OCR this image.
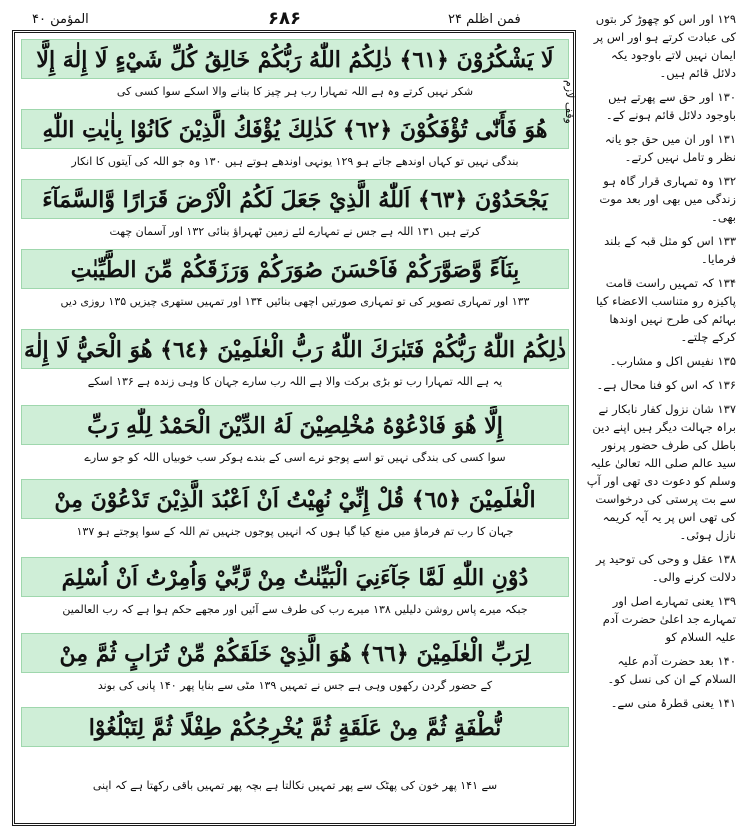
المؤمن ۴۰	۶۸۶	فمن اظلم ۲۴
لَا يَشْكُرُوْنَ ﴿٦١﴾ ذٰلِكُمُ اللّٰهُ رَبُّكُمْ خَالِقُ كُلِّ شَيْءٍ لَا إِلٰهَ إِلَّا
شکر نہیں کرتے وہ ہے اللہ تمہارا رب ہر چیز کا بنانے والا اسکے سوا کسی کی
هُوَ فَأَنّٰى تُؤْفَكُوْنَ ﴿٦٢﴾ كَذٰلِكَ يُؤْفَكُ الَّذِيْنَ كَانُوْا بِاٰيٰتِ اللّٰهِ
بندگی نہیں تو کہاں اوندھے جاتے ہو ۱۲۹ یونہی اوندھے ہوتے ہیں ۱۳۰ وہ جو اللہ کی آیتوں کا انکار
يَجْحَدُوْنَ ﴿٦٣﴾ اَللّٰهُ الَّذِيْ جَعَلَ لَكُمُ الْاَرْضَ قَرَارًا وَّالسَّمَآءَ
کرتے ہیں ۱۳۱ اللہ ہے جس نے تمہارے لئے زمین ٹھہراؤ بنائی ۱۳۲ اور آسمان چھت
بِنَآءً وَّصَوَّرَكُمْ فَاَحْسَنَ صُوَرَكُمْ وَرَزَقَكُمْ مِّنَ الطَّيِّبٰتِ
۱۳۳ اور تمہاری تصویر کی تو تمہاری صورتیں اچھی بنائیں ۱۳۴ اور تمہیں ستھری چیزیں ۱۳۵ روزی دیں
ذٰلِكُمُ اللّٰهُ رَبُّكُمْ فَتَبٰرَكَ اللّٰهُ رَبُّ الْعٰلَمِيْنَ ﴿٦٤﴾ هُوَ الْحَيُّ لَا إِلٰهَ
یہ ہے اللہ تمہارا رب تو بڑی برکت والا ہے اللہ رب سارے جہان کا وہی زندہ ہے ۱۳۶ اسکے
إِلَّا هُوَ فَادْعُوْهُ مُخْلِصِيْنَ لَهُ الدِّيْنَ الْحَمْدُ لِلّٰهِ رَبِّ
سوا کسی کی بندگی نہیں تو اسے پوجو نرے اسی کے بندے ہوکر سب خوبیاں اللہ کو جو سارے
الْعٰلَمِيْنَ ﴿٦٥﴾ قُلْ إِنِّيْ نُهِيْتُ اَنْ اَعْبُدَ الَّذِيْنَ تَدْعُوْنَ مِنْ
جہان کا رب تم فرماؤ میں منع کیا گیا ہوں کہ انہیں پوجوں جنہیں تم اللہ کے سوا پوجتے ہو ۱۳۷
دُوْنِ اللّٰهِ لَمَّا جَآءَنِيَ الْبَيِّنٰتُ مِنْ رَّبِّيْ وَاُمِرْتُ اَنْ اُسْلِمَ
جبکہ میرے پاس روشن دلیلیں ۱۳۸ میرے رب کی طرف سے آئیں اور مجھے حکم ہوا ہے کہ رب العالمین
لِرَبِّ الْعٰلَمِيْنَ ﴿٦٦﴾ هُوَ الَّذِيْ خَلَقَكُمْ مِّنْ تُرَابٍ ثُمَّ مِنْ
کے حضور گردن رکھوں وہی ہے جس نے تمہیں ۱۳۹ مٹی سے بنایا پھر ۱۴۰ پانی کی بوند
نُّطْفَةٍ ثُمَّ مِنْ عَلَقَةٍ ثُمَّ يُخْرِجُكُمْ طِفْلًا ثُمَّ لِتَبْلُغُوْا
سے ۱۴۱ پھر خون کی پھٹک سے پھر تمہیں نکالتا ہے بچہ پھر تمہیں باقی رکھتا ہے کہ اپنی
وقف لازم
۱۲۹ اور اس کو چھوڑ کر بتوں کی عبادت کرتے ہو اور اس پر ایمان نہیں لاتے باوجود یکہ دلائل قائم ہیں۔
۱۳۰ اور حق سے پھرتے ہیں باوجود دلائل قائم ہونے کے۔
۱۳۱ اور ان میں حق جو یانہ نظر و تامل نہیں کرتے۔
۱۳۲ وہ تمہاری قرار گاہ ہو زندگی میں بھی اور بعد موت بھی۔
۱۳۳ اس کو مثل قبہ کے بلند فرمایا۔
۱۳۴ کہ تمہیں راست قامت پاکیزہ رو متناسب الاعضاء کیا بہائم کی طرح نہیں اوندھا کرکے چلتے۔
۱۳۵ نفیس اکل و مشارب۔
۱۳۶ کہ اس کو فنا محال ہے۔
۱۳۷ شان نزول کفار نابکار نے براہ جہالت دیگر ہیں اپنے دین باطل کی طرف حضور پرنور سید عالم صلی اللہ تعالیٰ علیہ وسلم کو دعوت دی تھی اور آپ سے بت پرستی کی درخواست کی تھی اس پر یہ آیہ کریمہ نازل ہوئی۔
۱۳۸ عقل و وحی کی توحید پر دلالت کرنے والی۔
۱۳۹ یعنی تمہارے اصل اور تمہارے جد اعلیٰ حضرت آدم علیہ السلام کو
۱۴۰ بعد حضرت آدم علیہ السلام کے ان کی نسل کو۔
۱۴۱ یعنی قطرۂ منی سے۔
